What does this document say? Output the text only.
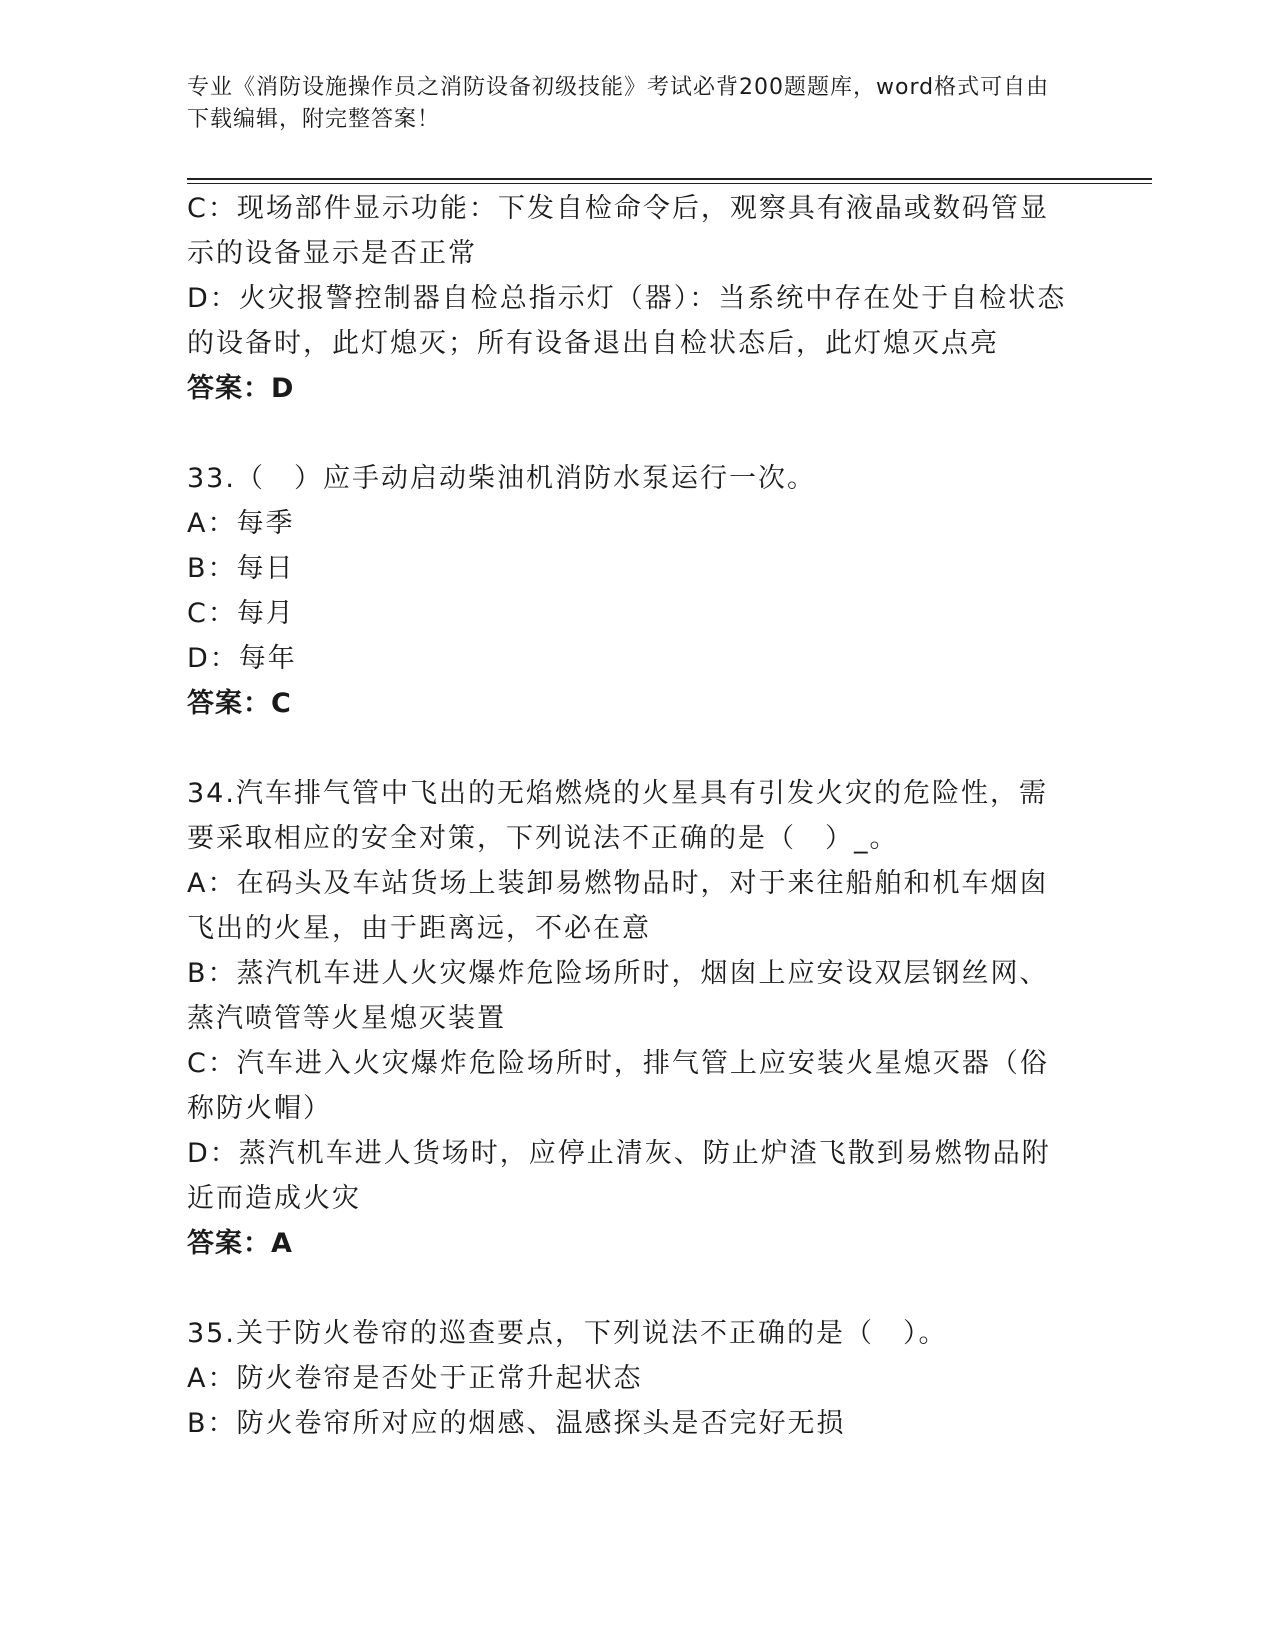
专业《消防设施操作员之消防设备初级技能》考试必背200题题库，word格式可自由下载编辑，附完整答案！

C：现场部件显示功能：下发自检命令后，观察具有液晶或数码管显示的设备显示是否正常

D：火灾报警控制器自检总指示灯（器）：当系统中存在处于自检状态的设备时，此灯熄灭；所有设备退出自检状态后，此灯熄灭点亮

答案：D

33.（　）应手动启动柴油机消防水泵运行一次。

A：每季

B：每日

C：每月

D：每年

答案：C

34.汽车排气管中飞出的无焰燃烧的火星具有引发火灾的危险性，需要采取相应的安全对策，下列说法不正确的是（　）_。

A：在码头及车站货场上装卸易燃物品时，对于来往船舶和机车烟囱飞出的火星，由于距离远，不必在意

B：蒸汽机车进人火灾爆炸危险场所时，烟囱上应安设双层钢丝网、蒸汽喷管等火星熄灭装置

C：汽车进入火灾爆炸危险场所时，排气管上应安装火星熄灭器（俗称防火帽）

D：蒸汽机车进人货场时，应停止清灰、防止炉渣飞散到易燃物品附近而造成火灾

答案：A

35.关于防火卷帘的巡查要点，下列说法不正确的是（　）。

A：防火卷帘是否处于正常升起状态

B：防火卷帘所对应的烟感、温感探头是否完好无损
